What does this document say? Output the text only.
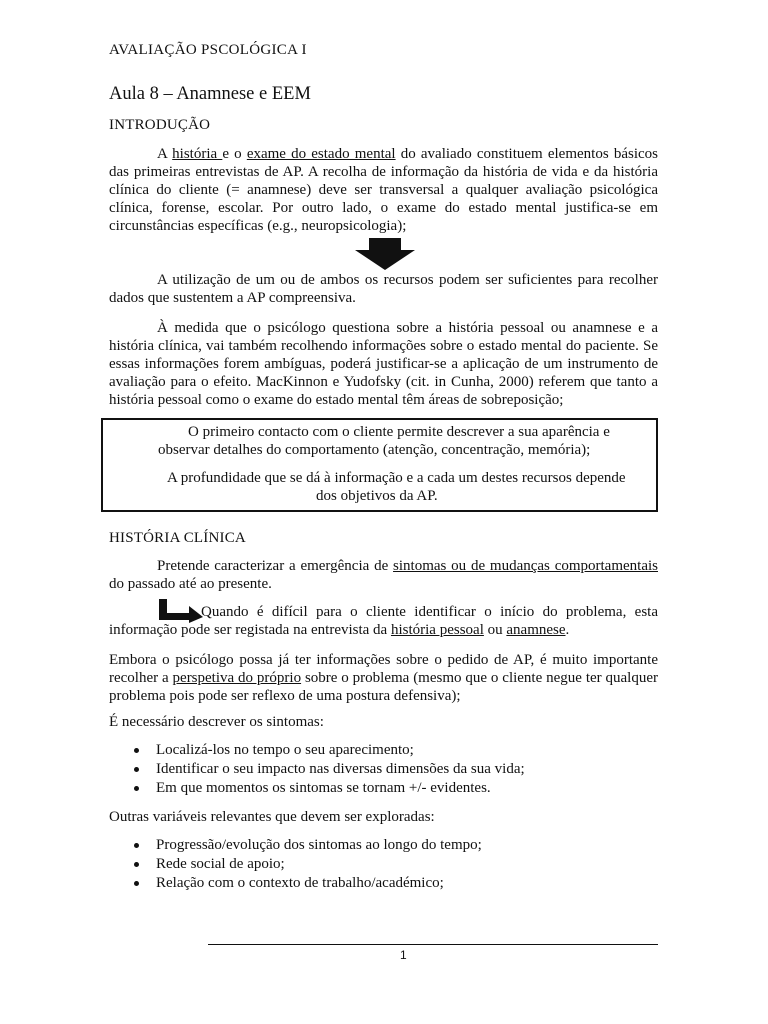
AVALIAÇÃO PSCOLÓGICA I
Aula 8 – Anamnese e EEM
INTRODUÇÃO
A história e o exame do estado mental do avaliado constituem elementos básicos das primeiras entrevistas de AP. A recolha de informação da história de vida e da história clínica do cliente (= anamnese) deve ser transversal a qualquer avaliação psicológica clínica, forense, escolar. Por outro lado, o exame do estado mental justifica-se em circunstâncias específicas (e.g., neuropsicologia);
A utilização de um ou de ambos os recursos podem ser suficientes para recolher dados que sustentem a AP compreensiva.
À medida que o psicólogo questiona sobre a história pessoal ou anamnese e a história clínica, vai também recolhendo informações sobre o estado mental do paciente. Se essas informações forem ambíguas, poderá justificar-se a aplicação de um instrumento de avaliação para o efeito. MacKinnon e Yudofsky (cit. in Cunha, 2000) referem que tanto a história pessoal como o exame do estado mental têm áreas de sobreposição;
O primeiro contacto com o cliente permite descrever a sua aparência e
observar detalhes do comportamento (atenção, concentração, memória);
A profundidade que se dá à informação e a cada um destes recursos depende
dos objetivos da AP.
HISTÓRIA CLÍNICA
Pretende caracterizar a emergência de sintomas ou de mudanças comportamentais do passado até ao presente.
Quando é difícil para o cliente identificar o início do problema, esta informação pode ser registada na entrevista da história pessoal ou anamnese.
Embora o psicólogo possa já ter informações sobre o pedido de AP, é muito importante recolher a perspetiva do próprio sobre o problema (mesmo que o cliente negue ter qualquer problema pois pode ser reflexo de uma postura defensiva);
É necessário descrever os sintomas:
Localizá-los no tempo o seu aparecimento;
Identificar o seu impacto nas diversas dimensões da sua vida;
Em que momentos os sintomas se tornam +/- evidentes.
Outras variáveis relevantes que devem ser exploradas:
Progressão/evolução dos sintomas ao longo do tempo;
Rede social de apoio;
Relação com o contexto de trabalho/académico;
1
